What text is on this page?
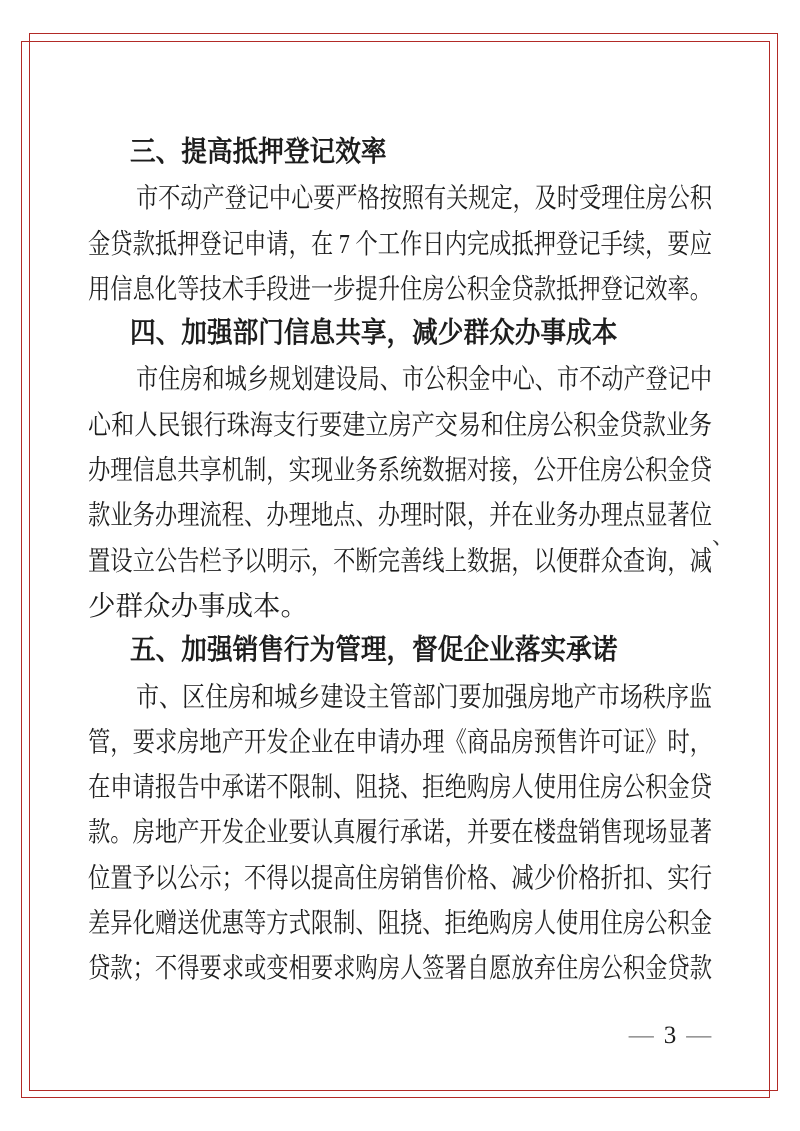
三、提高抵押登记效率
市不动产登记中心要严格按照有关规定，及时受理住房公积
金贷款抵押登记申请，在 7 个工作日内完成抵押登记手续，要应
用信息化等技术手段进一步提升住房公积金贷款抵押登记效率。
四、加强部门信息共享，减少群众办事成本
市住房和城乡规划建设局、市公积金中心、市不动产登记中
心和人民银行珠海支行要建立房产交易和住房公积金贷款业务
办理信息共享机制，实现业务系统数据对接，公开住房公积金贷
款业务办理流程、办理地点、办理时限，并在业务办理点显著位
置设立公告栏予以明示，不断完善线上数据，以便群众查询，减
少群众办事成本。
五、加强销售行为管理，督促企业落实承诺
市、区住房和城乡建设主管部门要加强房地产市场秩序监
管，要求房地产开发企业在申请办理《商品房预售许可证》时，
在申请报告中承诺不限制、阻挠、拒绝购房人使用住房公积金贷
款。房地产开发企业要认真履行承诺，并要在楼盘销售现场显著
位置予以公示；不得以提高住房销售价格、减少价格折扣、实行
差异化赠送优惠等方式限制、阻挠、拒绝购房人使用住房公积金
贷款；不得要求或变相要求购房人签署自愿放弃住房公积金贷款
、
— 3 —
